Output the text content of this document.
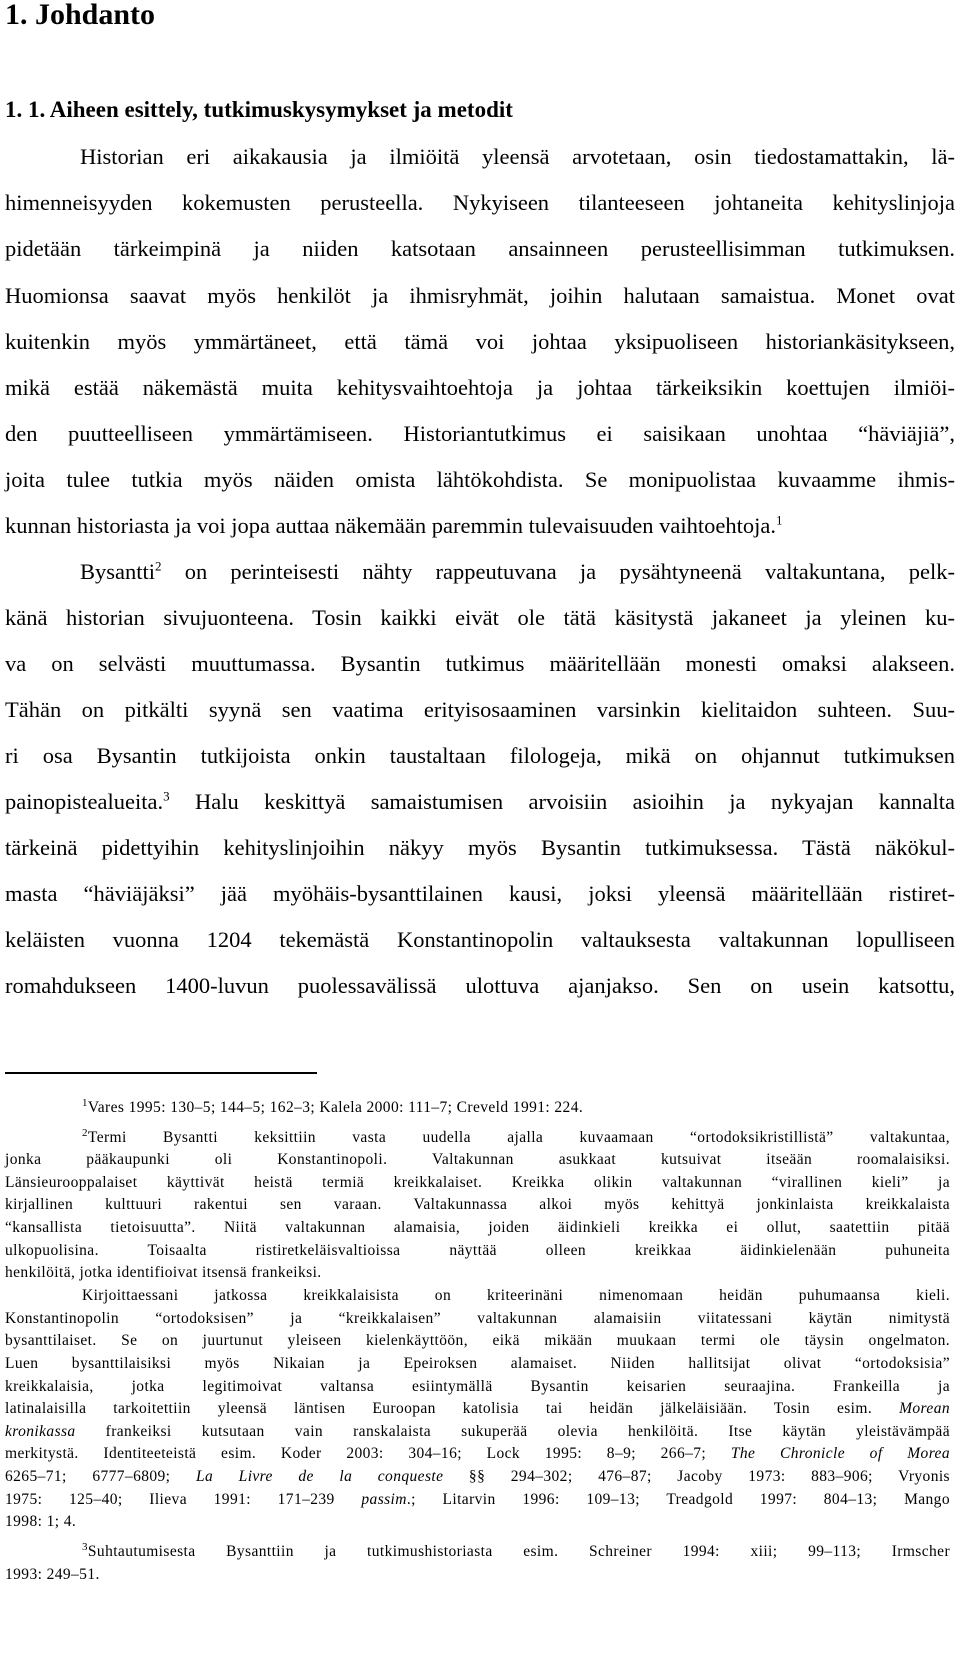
1. Johdanto
1. 1. Aiheen esittely, tutkimuskysymykset ja metodit
Historian eri aikakausia ja ilmiöitä yleensä arvotetaan, osin tiedostamattakin, lä-
himenneisyyden kokemusten perusteella. Nykyiseen tilanteeseen johtaneita kehityslinjoja
pidetään tärkeimpinä ja niiden katsotaan ansainneen perusteellisimman tutkimuksen.
Huomionsa saavat myös henkilöt ja ihmisryhmät, joihin halutaan samaistua. Monet ovat
kuitenkin myös ymmärtäneet, että tämä voi johtaa yksipuoliseen historiankäsitykseen,
mikä estää näkemästä muita kehitysvaihtoehtoja ja johtaa tärkeiksikin koettujen ilmiöi-
den puutteelliseen ymmärtämiseen. Historiantutkimus ei saisikaan unohtaa “häviäjiä”,
joita tulee tutkia myös näiden omista lähtökohdista. Se monipuolistaa kuvaamme ihmis-
kunnan historiasta ja voi jopa auttaa näkemään paremmin tulevaisuuden vaihtoehtoja.$^1$
Bysantti$^2$ on perinteisesti nähty rappeutuvana ja pysähtyneenä valtakuntana, pelk-
känä historian sivujuonteena. Tosin kaikki eivät ole tätä käsitystä jakaneet ja yleinen ku-
va on selvästi muuttumassa. Bysantin tutkimus määritellään monesti omaksi alakseen.
Tähän on pitkälti syynä sen vaatima erityisosaaminen varsinkin kielitaidon suhteen. Suu-
ri osa Bysantin tutkijoista onkin taustaltaan filologeja, mikä on ohjannut tutkimuksen
painopistealueita.$^3$ Halu keskittyä samaistumisen arvoisiin asioihin ja nykyajan kannalta
tärkeinä pidettyihin kehityslinjoihin näkyy myös Bysantin tutkimuksessa. Tästä näkökul-
masta “häviäjäksi” jää myöhäis-bysanttilainen kausi, joksi yleensä määritellään ristiret-
keläisten vuonna 1204 tekemästä Konstantinopolin valtauksesta valtakunnan lopulliseen
romahdukseen 1400-luvun puolessavälissä ulottuva ajanjakso. Sen on usein katsottu,
$^1$Vares 1995: 130–5; 144–5; 162–3; Kalela 2000: 111–7; Creveld 1991: 224.
$^2$Termi Bysantti keksittiin vasta uudella ajalla kuvaamaan “ortodoksikristillistä” valtakuntaa,
jonka pääkaupunki oli Konstantinopoli. Valtakunnan asukkaat kutsuivat itseään roomalaisiksi.
Länsieurooppalaiset käyttivät heistä termiä kreikkalaiset. Kreikka olikin valtakunnan “virallinen kieli” ja
kirjallinen kulttuuri rakentui sen varaan. Valtakunnassa alkoi myös kehittyä jonkinlaista kreikkalaista
“kansallista tietoisuutta”. Niitä valtakunnan alamaisia, joiden äidinkieli kreikka ei ollut, saatettiin pitää
ulkopuolisina. Toisaalta ristiretkeläisvaltioissa näyttää olleen kreikkaa äidinkielenään puhuneita
henkilöitä, jotka identifioivat itsensä frankeiksi.
Kirjoittaessani jatkossa kreikkalaisista on kriteerinäni nimenomaan heidän puhumaansa kieli.
Konstantinopolin “ortodoksisen” ja “kreikkalaisen” valtakunnan alamaisiin viitatessani käytän nimitystä
bysanttilaiset. Se on juurtunut yleiseen kielenkäyttöön, eikä mikään muukaan termi ole täysin ongelmaton.
Luen bysanttilaisiksi myös Nikaian ja Epeiroksen alamaiset. Niiden hallitsijat olivat “ortodoksisia”
kreikkalaisia, jotka legitimoivat valtansa esiintymällä Bysantin keisarien seuraajina. Frankeilla ja
latinalaisilla tarkoitettiin yleensä läntisen Euroopan katolisia tai heidän jälkeläisiään. Tosin esim. Morean
kronikassa frankeiksi kutsutaan vain ranskalaista sukuperää olevia henkilöitä. Itse käytän yleistävämpää
merkitystä. Identiteeteistä esim. Koder 2003: 304–16; Lock 1995: 8–9; 266–7; The Chronicle of Morea
6265–71; 6777–6809; La Livre de la conqueste §§ 294–302; 476–87; Jacoby 1973: 883–906; Vryonis
1975: 125–40; Ilieva 1991: 171–239 passim.; Litarvin 1996: 109–13; Treadgold 1997: 804–13; Mango
1998: 1; 4.
$^3$Suhtautumisesta Bysanttiin ja tutkimushistoriasta esim. Schreiner 1994: xiii; 99–113; Irmscher
1993: 249–51.
